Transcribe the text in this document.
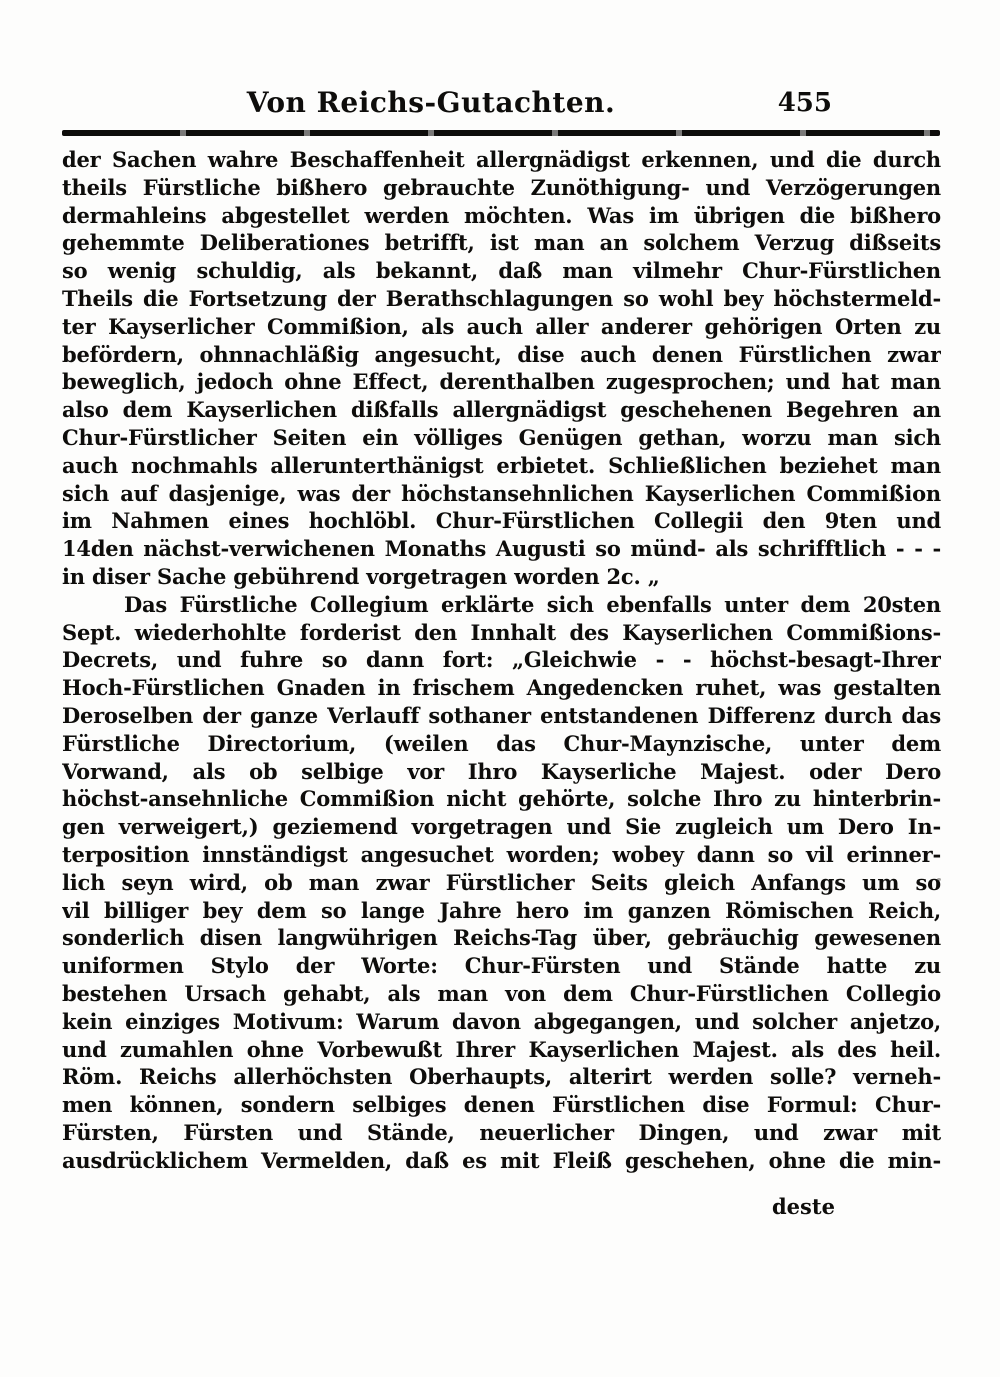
Von Reichs-Gutachten.	455
der Sachen wahre Beschaffenheit allergnädigst erkennen, und die durch
theils Fürstliche bißhero gebrauchte Zunöthigung- und Verzögerungen
dermahleins abgestellet werden möchten. Was im übrigen die bißhero
gehemmte Deliberationes betrifft, ist man an solchem Verzug dißseits
so wenig schuldig, als bekannt, daß man vilmehr Chur-Fürstlichen
Theils die Fortsetzung der Berathschlagungen so wohl bey höchstermeld-
ter Kayserlicher Commißion, als auch aller anderer gehörigen Orten zu
befördern, ohnnachläßig angesucht, dise auch denen Fürstlichen zwar
beweglich, jedoch ohne Effect, derenthalben zugesprochen; und hat man
also dem Kayserlichen dißfalls allergnädigst geschehenen Begehren an
Chur-Fürstlicher Seiten ein völliges Genügen gethan, worzu man sich
auch nochmahls allerunterthänigst erbietet. Schließlichen beziehet man
sich auf dasjenige, was der höchstansehnlichen Kayserlichen Commißion
im Nahmen eines hochlöbl. Chur-Fürstlichen Collegii den 9ten und
14den nächst-verwichenen Monaths Augusti so münd- als schrifftlich - - -
in diser Sache gebührend vorgetragen worden 2c. „
Das Fürstliche Collegium erklärte sich ebenfalls unter dem 20sten
Sept. wiederhohlte forderist den Innhalt des Kayserlichen Commißions-
Decrets, und fuhre so dann fort: „Gleichwie - - höchst-besagt-Ihrer
Hoch-Fürstlichen Gnaden in frischem Angedencken ruhet, was gestalten
Deroselben der ganze Verlauff sothaner entstandenen Differenz durch das
Fürstliche Directorium, (weilen das Chur-Maynzische, unter dem
Vorwand, als ob selbige vor Ihro Kayserliche Majest. oder Dero
höchst-ansehnliche Commißion nicht gehörte, solche Ihro zu hinterbrin-
gen verweigert,) geziemend vorgetragen und Sie zugleich um Dero In-
terposition innständigst angesuchet worden; wobey dann so vil erinner-
lich seyn wird, ob man zwar Fürstlicher Seits gleich Anfangs um so
vil billiger bey dem so lange Jahre hero im ganzen Römischen Reich,
sonderlich disen langwührigen Reichs-Tag über, gebräuchig gewesenen
uniformen Stylo der Worte: Chur-Fürsten und Stände hatte zu
bestehen Ursach gehabt, als man von dem Chur-Fürstlichen Collegio
kein einziges Motivum: Warum davon abgegangen, und solcher anjetzo,
und zumahlen ohne Vorbewußt Ihrer Kayserlichen Majest. als des heil.
Röm. Reichs allerhöchsten Oberhaupts, alterirt werden solle? verneh-
men können, sondern selbiges denen Fürstlichen dise Formul: Chur-
Fürsten, Fürsten und Stände, neuerlicher Dingen, und zwar mit
ausdrücklichem Vermelden, daß es mit Fleiß geschehen, ohne die min-
deste
